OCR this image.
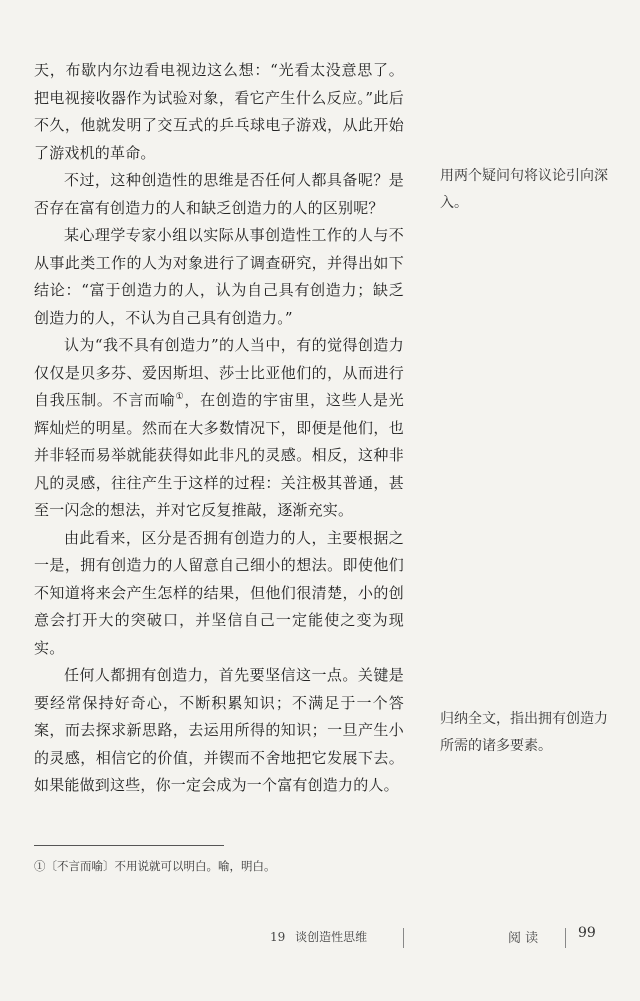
天，布歇内尔边看电视边这么想：“光看太没意思了。把电视接收器作为试验对象，看它产生什么反应。”此后不久，他就发明了交互式的乒乓球电子游戏，从此开始了游戏机的革命。

不过，这种创造性的思维是否任何人都具备呢？是否存在富有创造力的人和缺乏创造力的人的区别呢？

某心理学专家小组以实际从事创造性工作的人与不从事此类工作的人为对象进行了调查研究，并得出如下结论：“富于创造力的人，认为自己具有创造力；缺乏创造力的人，不认为自己具有创造力。”

认为“我不具有创造力”的人当中，有的觉得创造力仅仅是贝多芬、爱因斯坦、莎士比亚他们的，从而进行自我压制。不言而喻①，在创造的宇宙里，这些人是光辉灿烂的明星。然而在大多数情况下，即便是他们，也并非轻而易举就能获得如此非凡的灵感。相反，这种非凡的灵感，往往产生于这样的过程：关注极其普通，甚至一闪念的想法，并对它反复推敲，逐渐充实。

由此看来，区分是否拥有创造力的人，主要根据之一是，拥有创造力的人留意自己细小的想法。即使他们不知道将来会产生怎样的结果，但他们很清楚，小的创意会打开大的突破口，并坚信自己一定能使之变为现实。

任何人都拥有创造力，首先要坚信这一点。关键是要经常保持好奇心，不断积累知识；不满足于一个答案，而去探求新思路，去运用所得的知识；一旦产生小的灵感，相信它的价值，并锲而不舍地把它发展下去。如果能做到这些，你一定会成为一个富有创造力的人。

用两个疑问句将议论引向深入。
归纳全文，指出拥有创造力所需的诸多要素。
①〔不言而喻〕不用说就可以明白。喻，明白。
19 谈创造性思维	阅 读	99
